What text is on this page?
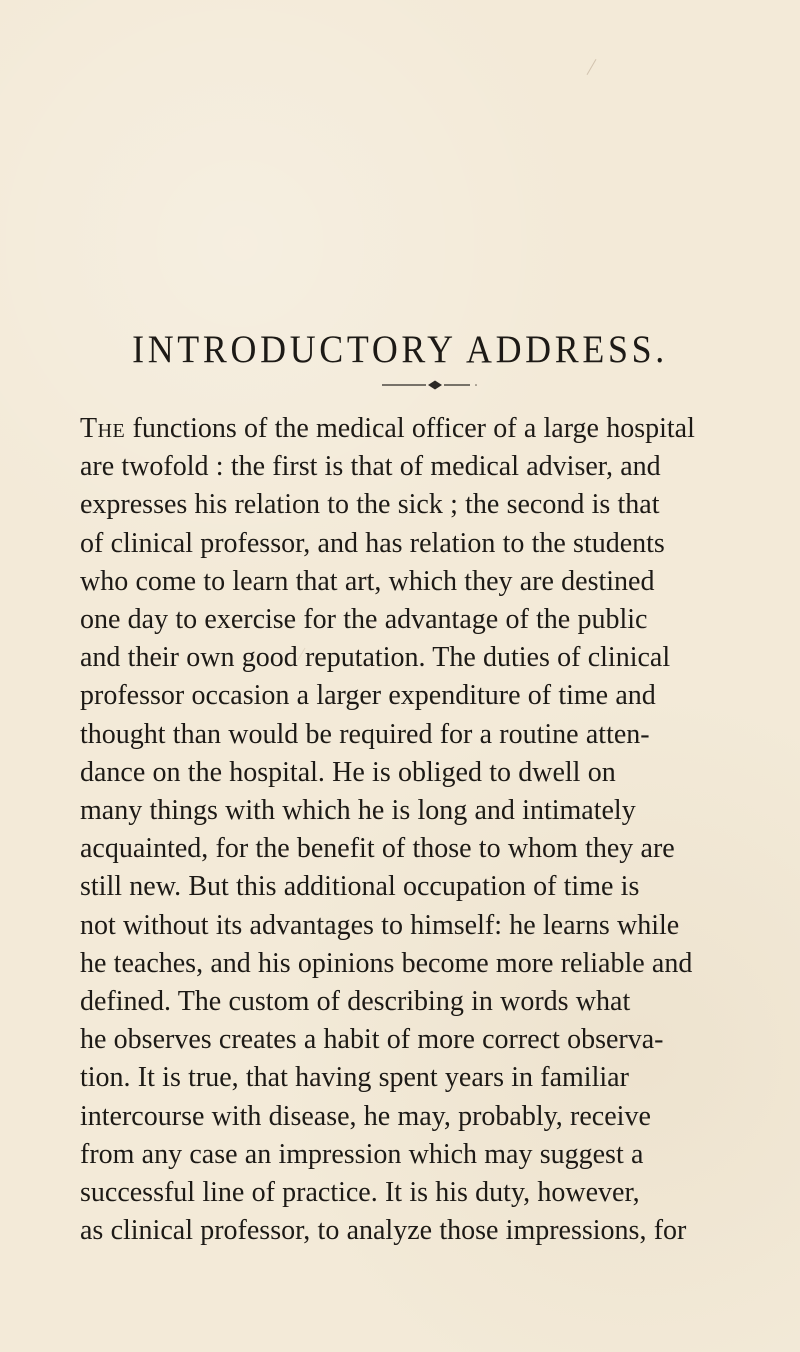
INTRODUCTORY ADDRESS.
The functions of the medical officer of a large hospital
are twofold : the first is that of medical adviser, and
expresses his relation to the sick ; the second is that
of clinical professor, and has relation to the students
who come to learn that art, which they are destined
one day to exercise for the advantage of the public
and their own good reputation. The duties of clinical
professor occasion a larger expenditure of time and
thought than would be required for a routine atten-
dance on the hospital. He is obliged to dwell on
many things with which he is long and intimately
acquainted, for the benefit of those to whom they are
still new. But this additional occupation of time is
not without its advantages to himself: he learns while
he teaches, and his opinions become more reliable and
defined. The custom of describing in words what
he observes creates a habit of more correct observa-
tion. It is true, that having spent years in familiar
intercourse with disease, he may, probably, receive
from any case an impression which may suggest a
successful line of practice. It is his duty, however,
as clinical professor, to analyze those impressions, for
